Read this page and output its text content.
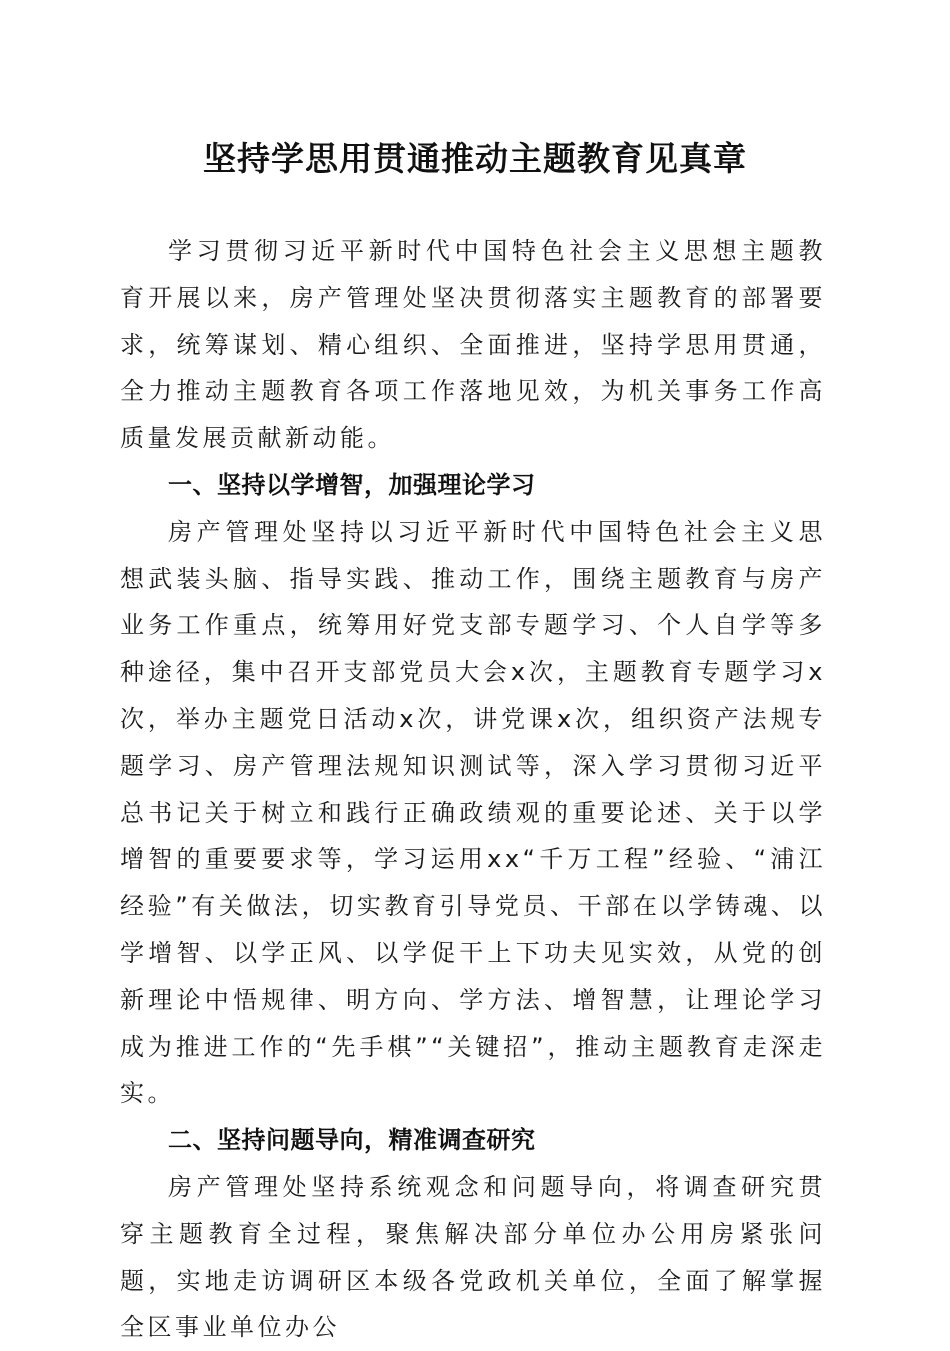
坚持学思用贯通推动主题教育见真章

学习贯彻习近平新时代中国特色社会主义思想主题教育开展以来，房产管理处坚决贯彻落实主题教育的部署要求，统筹谋划、精心组织、全面推进，坚持学思用贯通，全力推动主题教育各项工作落地见效，为机关事务工作高质量发展贡献新动能。

一、坚持以学增智，加强理论学习

房产管理处坚持以习近平新时代中国特色社会主义思想武装头脑、指导实践、推动工作，围绕主题教育与房产业务工作重点，统筹用好党支部专题学习、个人自学等多种途径，集中召开支部党员大会x次，主题教育专题学习x次，举办主题党日活动x次，讲党课x次，组织资产法规专题学习、房产管理法规知识测试等，深入学习贯彻习近平总书记关于树立和践行正确政绩观的重要论述、关于以学增智的重要要求等，学习运用xx“千万工程”经验、“浦江经验”有关做法，切实教育引导党员、干部在以学铸魂、以学增智、以学正风、以学促干上下功夫见实效，从党的创新理论中悟规律、明方向、学方法、增智慧，让理论学习成为推进工作的“先手棋”“关键招”，推动主题教育走深走实。

二、坚持问题导向，精准调查研究

房产管理处坚持系统观念和问题导向，将调查研究贯穿主题教育全过程，聚焦解决部分单位办公用房紧张问题，实地走访调研区本级各党政机关单位，全面了解掌握全区事业单位办公
